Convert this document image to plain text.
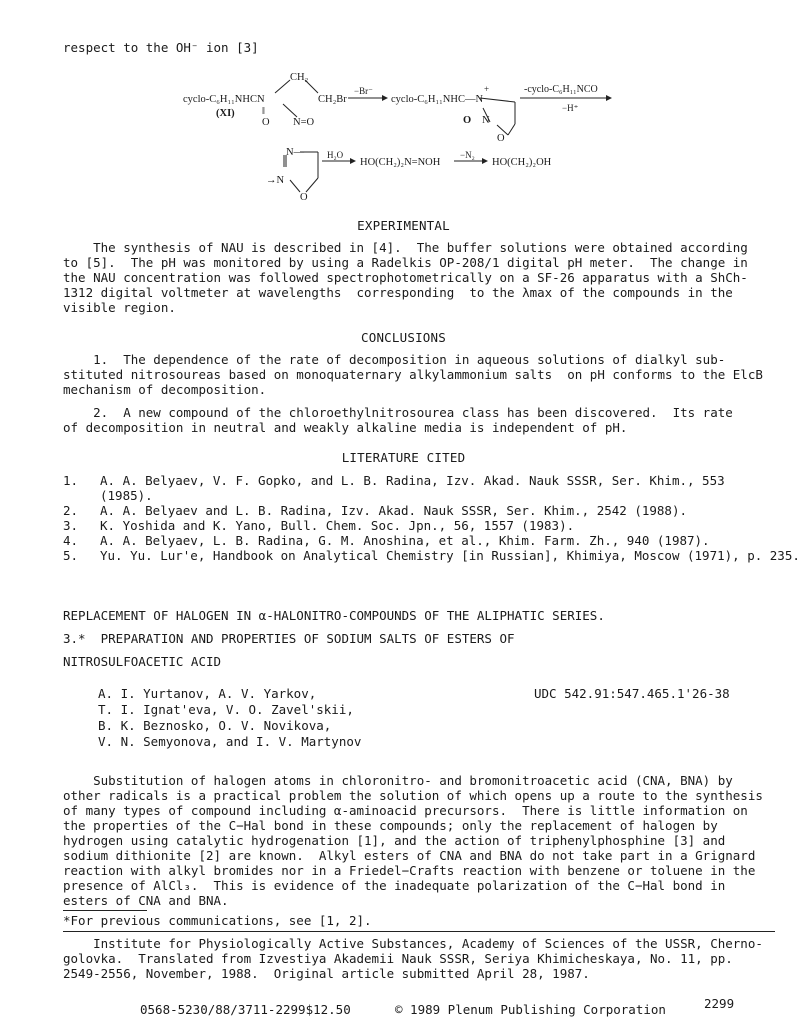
respect to the OH⁻ ion [3]
CH₂
cyclo-C₆H₁₁NHCN
(XI)	‖
O N=O
CH₂Br
−Br⁻
cyclo-C₆H₁₁NHC—N
+
O N
O
-cyclo-C₆H₁₁NCO
−H⁺
N—
→N
O
H₂O
HO(CH₂)₂N=NOH
−N₂
HO(CH₂)₂OH
EXPERIMENTAL
The synthesis of NAU is described in [4].  The buffer solutions were obtained according
to [5].  The pH was monitored by using a Radelkis OP-208/1 digital pH meter.  The change in
the NAU concentration was followed spectrophotometrically on a SF-26 apparatus with a ShCh-
1312 digital voltmeter at wavelengths  corresponding  to the λmax of the compounds in the
visible region.
CONCLUSIONS
1.  The dependence of the rate of decomposition in aqueous solutions of dialkyl sub-
stituted nitrosoureas based on monoquaternary alkylammonium salts  on pH conforms to the ElcB
mechanism of decomposition.
2.  A new compound of the chloroethylnitrosourea class has been discovered.  Its rate
of decomposition in neutral and weakly alkaline media is independent of pH.
LITERATURE CITED
1. A. A. Belyaev, V. F. Gopko, and L. B. Radina, Izv. Akad. Nauk SSSR, Ser. Khim., 553
(1985).
2. A. A. Belyaev and L. B. Radina, Izv. Akad. Nauk SSSR, Ser. Khim., 2542 (1988).
3. K. Yoshida and K. Yano, Bull. Chem. Soc. Jpn., 56, 1557 (1983).
4. A. A. Belyaev, L. B. Radina, G. M. Anoshina, et al., Khim. Farm. Zh., 940 (1987).
5. Yu. Yu. Lur'e, Handbook on Analytical Chemistry [in Russian], Khimiya, Moscow (1971), p. 235.
REPLACEMENT OF HALOGEN IN α-HALONITRO-COMPOUNDS OF THE ALIPHATIC SERIES.
3.*  PREPARATION AND PROPERTIES OF SODIUM SALTS OF ESTERS OF
NITROSULFOACETIC ACID
A. I. Yurtanov, A. V. Yarkov,
T. I. Ignat'eva, V. O. Zavel'skii,
B. K. Beznosko, O. V. Novikova,
V. N. Semyonova, and I. V. Martynov
UDC 542.91:547.465.1'26-38
Substitution of halogen atoms in chloronitro- and bromonitroacetic acid (CNA, BNA) by
other radicals is a practical problem the solution of which opens up a route to the synthesis
of many types of compound including α-aminoacid precursors.  There is little information on
the properties of the C−Hal bond in these compounds; only the replacement of halogen by
hydrogen using catalytic hydrogenation [1], and the action of triphenylphosphine [3] and
sodium dithionite [2] are known.  Alkyl esters of CNA and BNA do not take part in a Grignard
reaction with alkyl bromides nor in a Friedel−Crafts reaction with benzene or toluene in the
presence of AlCl₃.  This is evidence of the inadequate polarization of the C−Hal bond in
esters of CNA and BNA.
*For previous communications, see [1, 2].
Institute for Physiologically Active Substances, Academy of Sciences of the USSR, Cherno-
golovka.  Translated from Izvestiya Akademii Nauk SSSR, Seriya Khimicheskaya, No. 11, pp.
2549-2556, November, 1988.  Original article submitted April 28, 1987.
0568-5230/88/3711-2299$12.50	© 1989 Plenum Publishing Corporation	2299
